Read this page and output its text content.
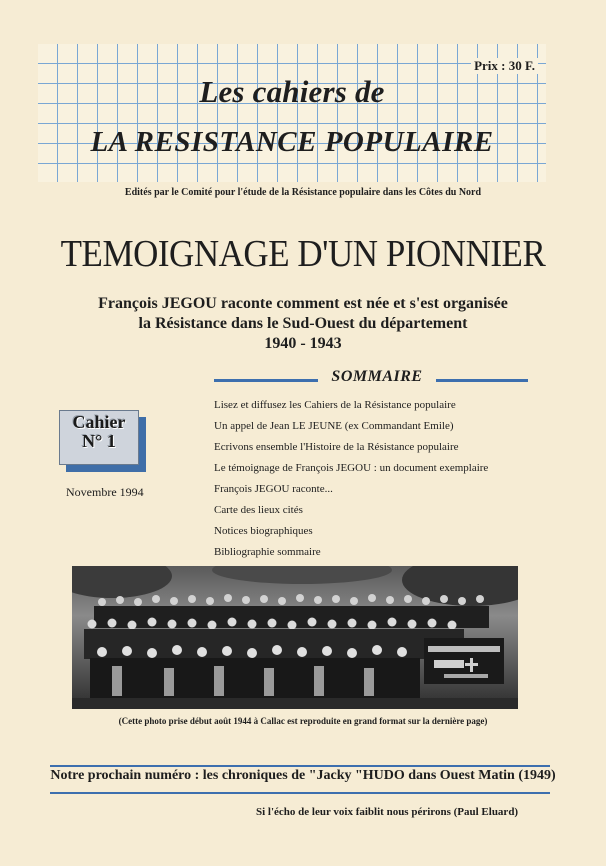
Prix : 30 F.
Les cahiers de
LA RESISTANCE POPULAIRE
Edités par le Comité pour l'étude de la Résistance populaire dans les Côtes du Nord
TEMOIGNAGE D'UN PIONNIER
François JEGOU raconte comment est née et s'est organisée
la Résistance dans le Sud-Ouest du département
1940 - 1943
SOMMAIRE
Lisez et diffusez les Cahiers de la Résistance populaire
Un appel de Jean LE JEUNE (ex Commandant Emile)
Ecrivons ensemble l'Histoire de la Résistance populaire
Le témoignage de François JEGOU : un document exemplaire
François JEGOU raconte...
Carte des lieux cités
Notices biographiques
Bibliographie sommaire
Cahier
N° 1
Novembre 1994
(Cette photo prise début août 1944 à Callac est reproduite en grand format sur la dernière page)
Notre prochain numéro : les chroniques de "Jacky "HUDO dans Ouest Matin (1949)
Si l'écho de leur voix faiblit nous périrons (Paul Eluard)
